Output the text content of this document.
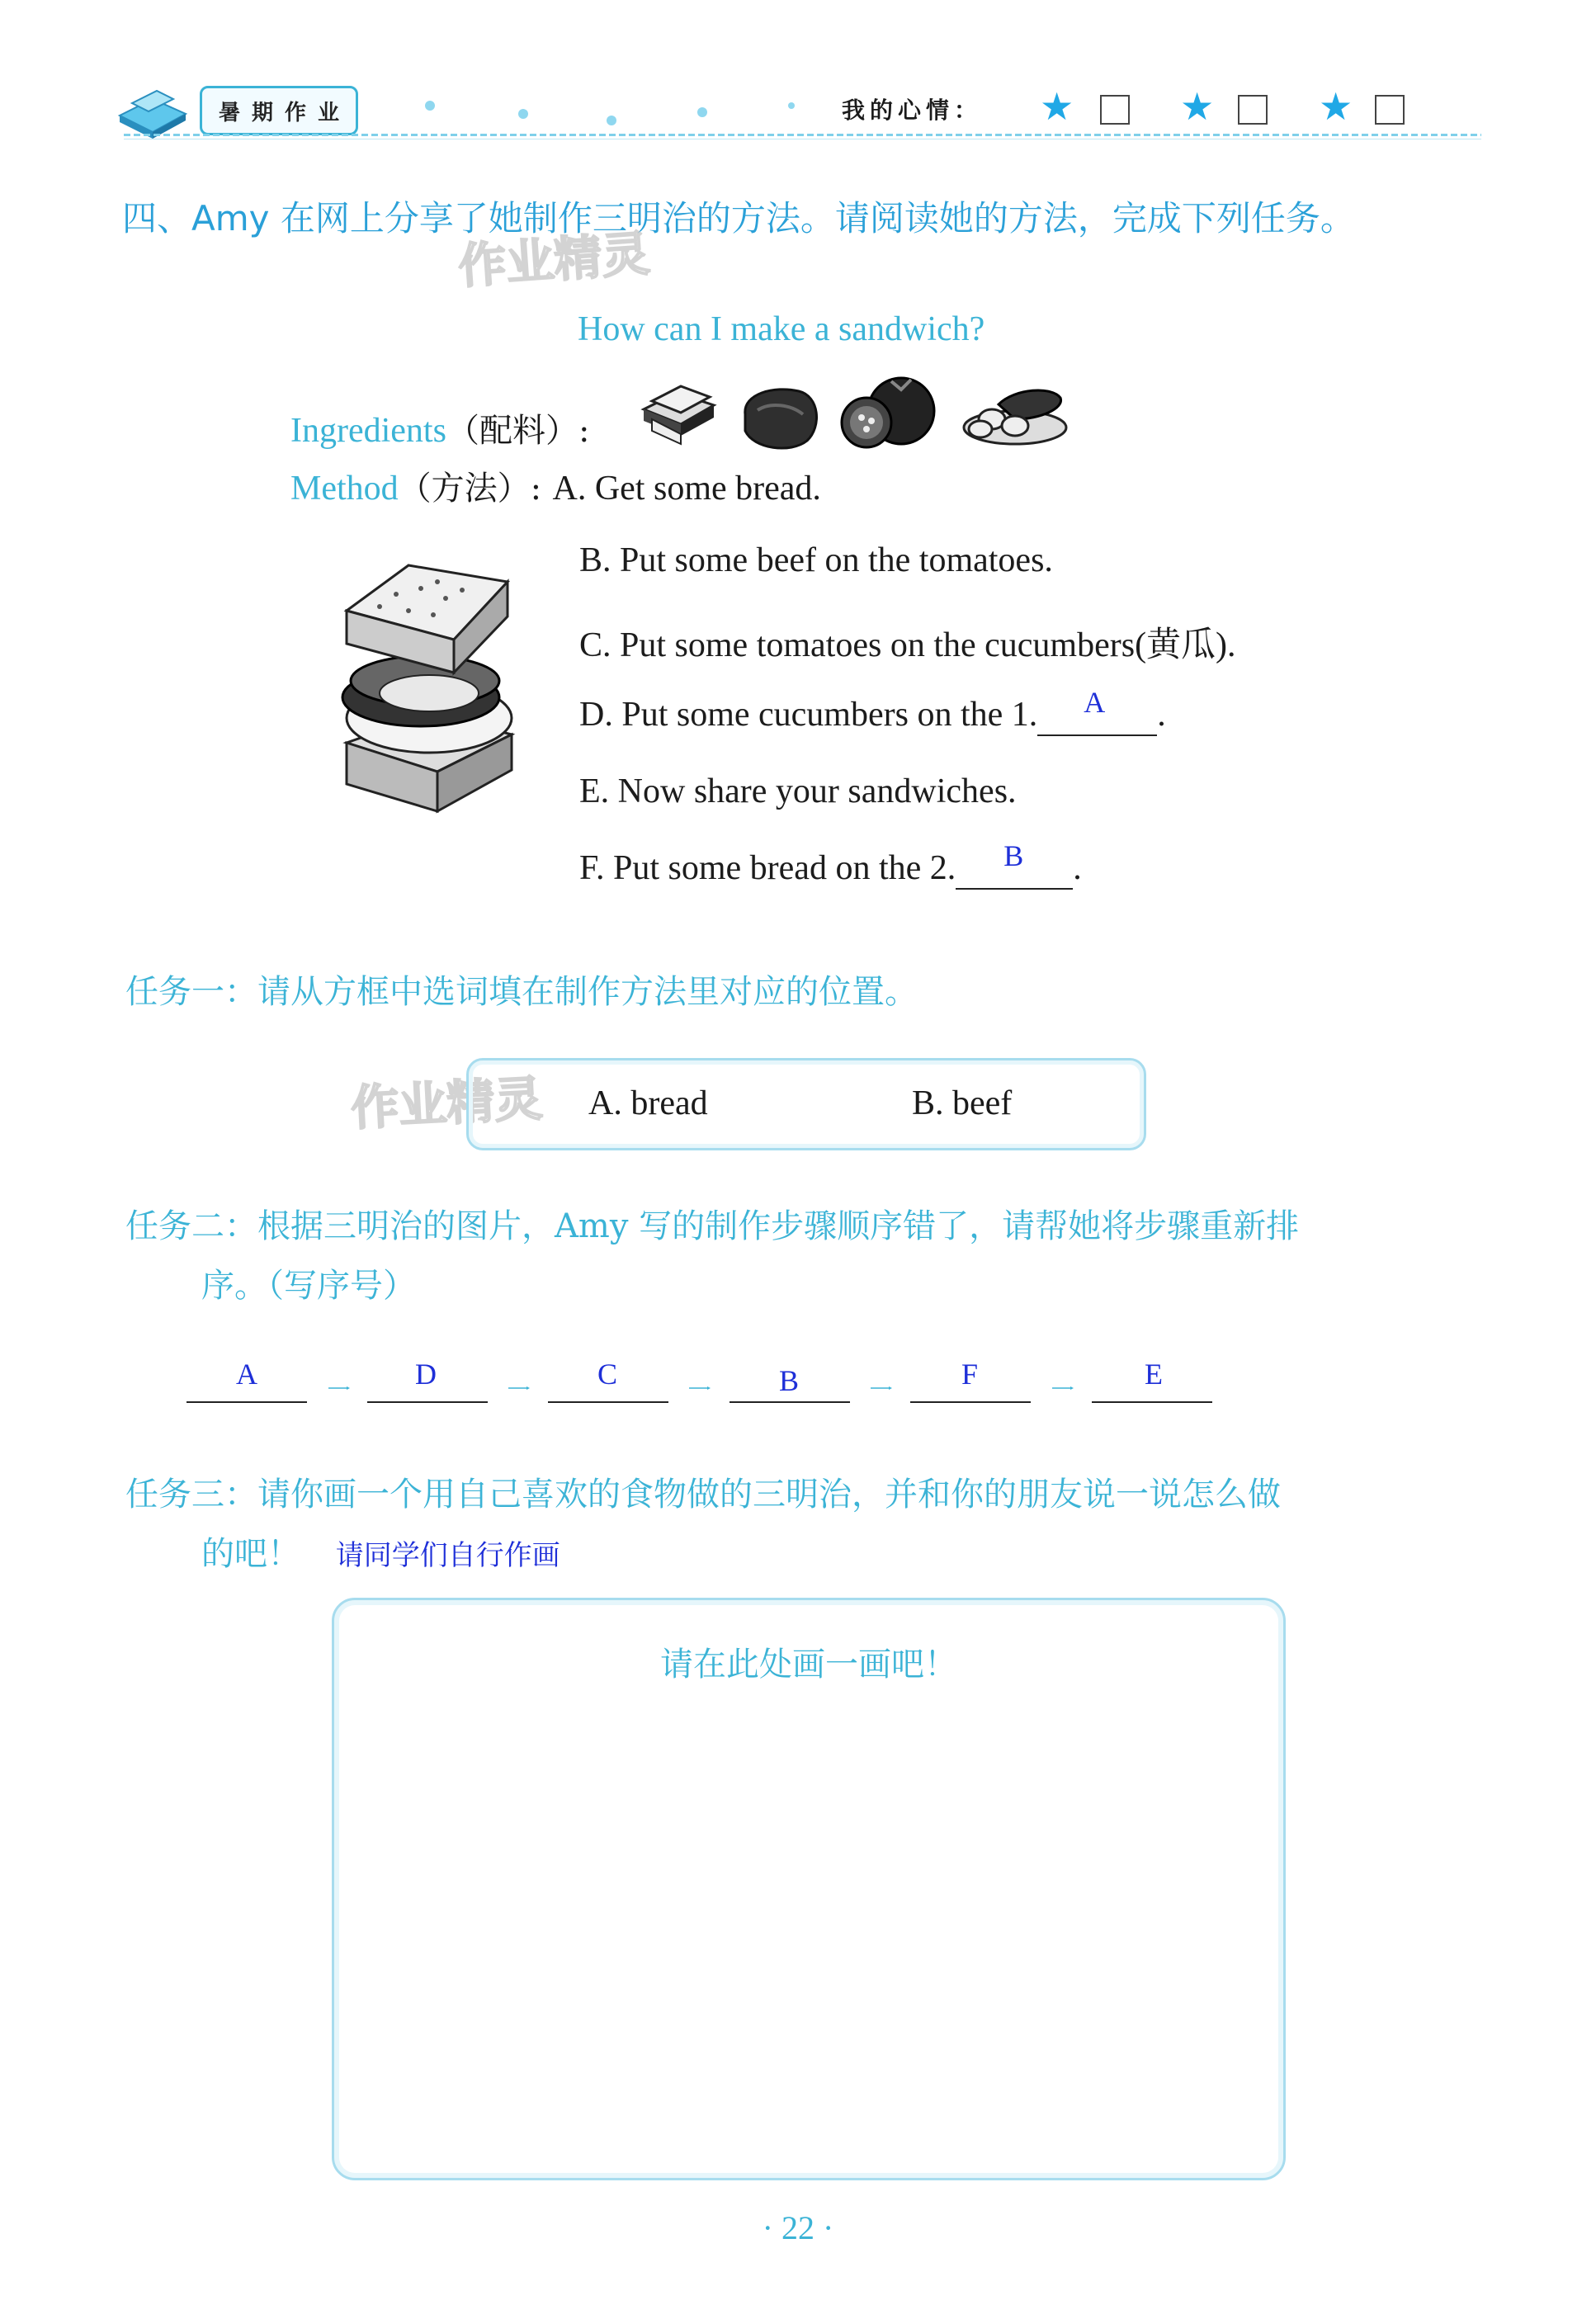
暑期作业	我的心情： ★	★	★
四、Amy 在网上分享了她制作三明治的方法。请阅读她的方法，完成下列任务。
作业精灵
How can I make a sandwich?
Ingredients（配料）:
Method（方法）: A. Get some bread.
B. Put some beef on the tomatoes.
C. Put some tomatoes on the cucumbers(黄瓜).
D. Put some cucumbers on the 1. A .
E. Now share your sandwiches.
F. Put some bread on the 2. B .
任务一：请从方框中选词填在制作方法里对应的位置。
作业精灵 A. bread	B. beef
任务二：根据三明治的图片，Amy 写的制作步骤顺序错了，请帮她将步骤重新排
序。（写序号）
A	D	C	B	F	E
任务三：请你画一个用自己喜欢的食物做的三明治，并和你的朋友说一说怎么做
的吧！ 请同学们自行作画
请在此处画一画吧！
· 22 ·
